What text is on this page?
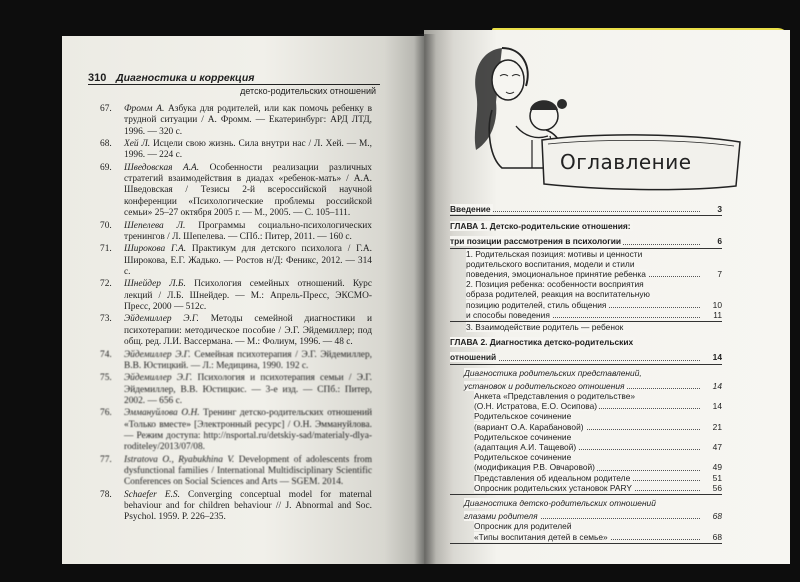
310 Диагностика и коррекция
детско-родительских отношений
67.	Фромм А. Азбука для родителей, или как помочь ребенку в трудной ситуации / А. Фромм. — Екатеринбург: АРД ЛТД, 1996. — 320 с.
68.	Хей Л. Исцели свою жизнь. Сила внутри нас / Л. Хей. — М., 1996. — 224 с.
69.	Шведовская А.А. Особенности реализации различных стратегий взаимодействия в диадах «ребенок-мать» / А.А. Шведовская / Тезисы 2-й всероссийской научной конференции «Психологические проблемы российской семьи» 25–27 октября 2005 г. — М., 2005. — С. 105–111.
70.	Шепелева Л. Программы социально-психологических тренингов / Л. Шепелева. — СПб.: Питер, 2011. — 160 с.
71.	Широкова Г.А. Практикум для детского психолога / Г.А. Широкова, Е.Г. Жадько. — Ростов н/Д: Феникс, 2012. — 314 с.
72.	Шнейдер Л.Б. Психология семейных отношений. Курс лекций / Л.Б. Шнейдер. — М.: Апрель-Пресс, ЭКСМО-Пресс, 2000 — 512с.
73.	Эйдемиллер Э.Г. Методы семейной диагностики и психотерапии: методическое пособие / Э.Г. Эйдемиллер; под общ. ред. Л.И. Вассермана. — М.: Фолиум, 1996. — 48 с.
74.	Эйдемиллер Э.Г. Семейная психотерапия / Э.Г. Эйдемиллер, В.В. Юстицкий. — Л.: Медицина, 1990. 192 с.
75.	Эйдемиллер Э.Г. Психология и психотерапия семьи / Э.Г. Эйдемиллер, В.В. Юстицкис. — 3-е изд. — СПб.: Питер, 2002. — 656 с.
76.	Эммануйлова О.Н. Тренинг детско-родительских отношений «Только вместе» [Электронный ресурс] / О.Н. Эммануйлова. — Режим доступа: http://nsportal.ru/detskiy-sad/materialy-dlya-roditeley/2013/07/08.
77.	Istratova O., Ryabukhina V. Development of adolescents from dysfunctional families / International Multidisciplinary Scientific Conferences on Social Sciences and Arts — SGEM. 2014.
78.	Schaefer E.S. Converging conceptual model for maternal behaviour and for children behaviour // J. Abnormal and Soc. Psychol. 1959. P. 226–235.
Оглавление
Введение	3
ГЛАВА 1. Детско-родительские отношения:
три позиции рассмотрения в психологии	6
1. Родительская позиция: мотивы и ценности
родительского воспитания, модели и стили
поведения, эмоциональное принятие ребенка	7
2. Позиция ребенка: особенности восприятия
образа родителей, реакция на воспитательную
позицию родителей, стиль общения	10
и способы поведения	11
3. Взаимодействие родитель — ребенок
ГЛАВА 2. Диагностика детско-родительских
отношений	14
Диагностика родительских представлений,
установок и родительского отношения	14
Анкета «Представления о родительстве»
(О.Н. Истратова, Е.О. Осипова)	14
Родительское сочинение
(вариант О.А. Карабановой)	21
Родительское сочинение
(адаптация А.И. Тащевой)	47
Родительское сочинение
(модификация Р.В. Овчаровой)	49
Представления об идеальном родителе	51
Опросник родительских установок PARY	56
Диагностика детско-родительских отношений
глазами родителя	68
Опросник для родителей
«Типы воспитания детей в семье»	68
